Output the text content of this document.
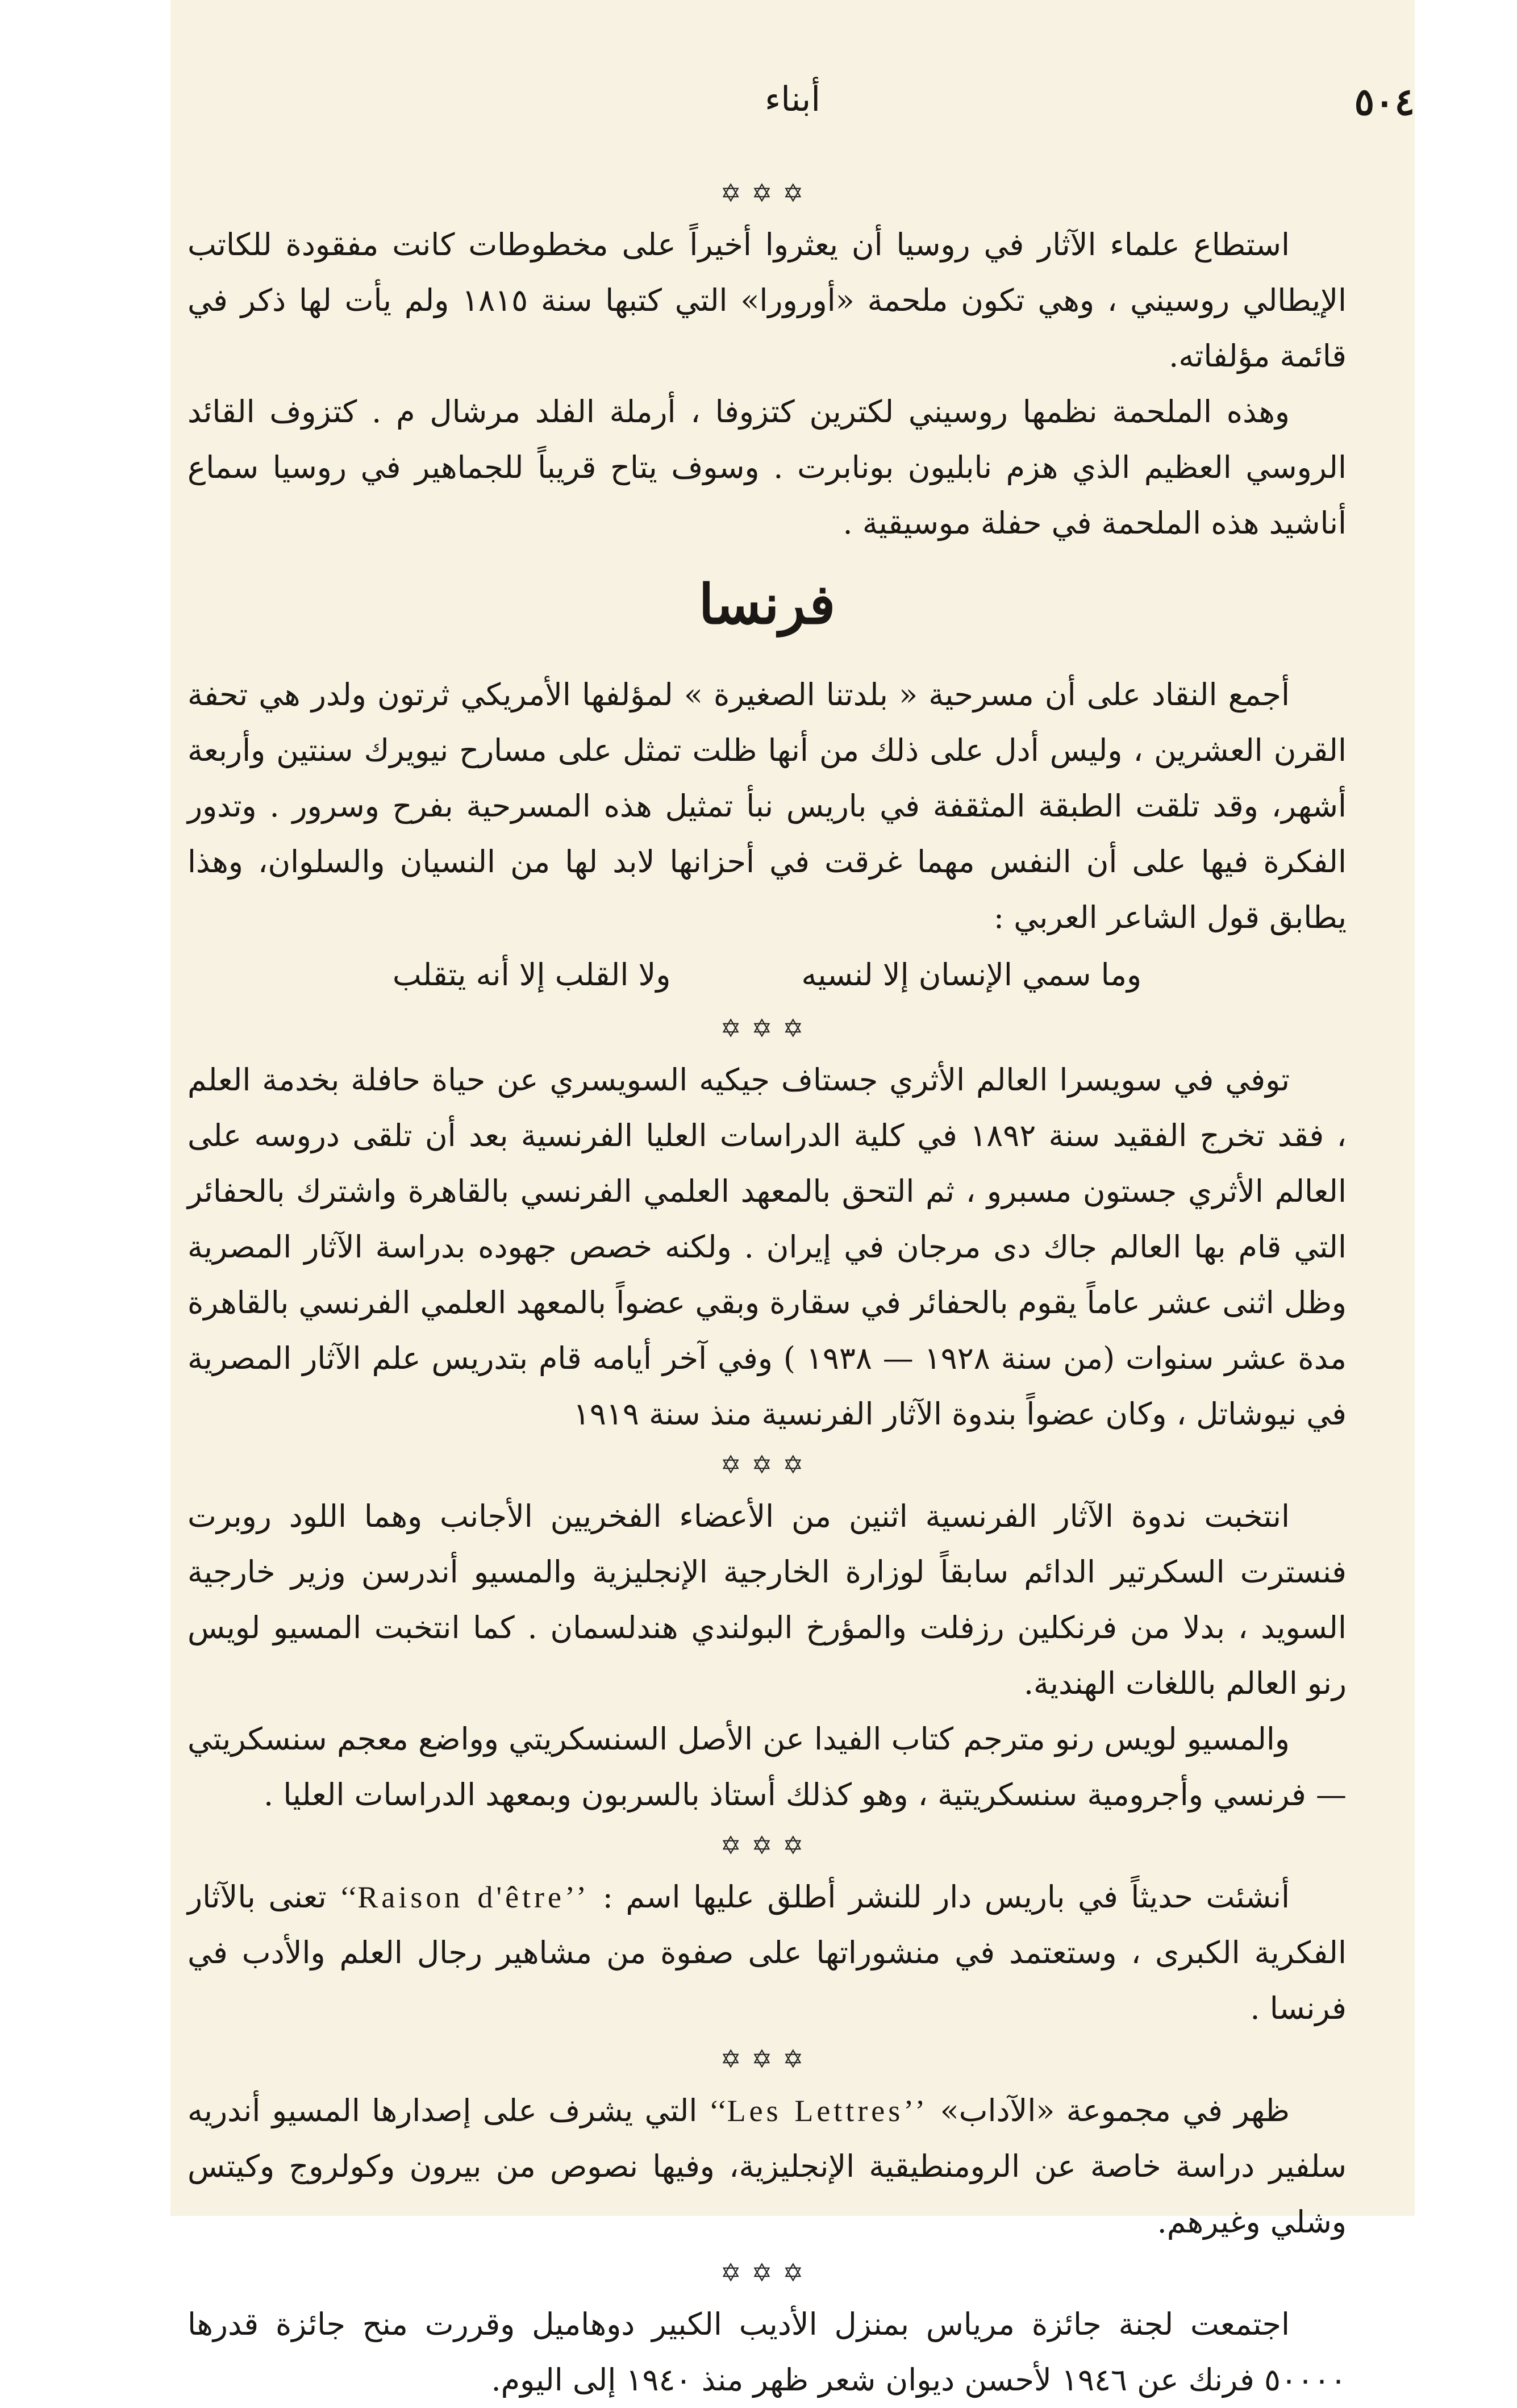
٥٠٤
أبناء
✡✡✡

استطاع علماء الآثار في روسيا أن يعثروا أخيراً على مخطوطات كانت مفقودة للكاتب الإيطالي روسيني ، وهي تكون ملحمة «أورورا» التي كتبها سنة ١٨١٥ ولم يأت لها ذكر في قائمة مؤلفاته.

وهذه الملحمة نظمها روسيني لكترين كتزوفا ، أرملة الفلد مرشال م . كتزوف القائد الروسي العظيم الذي هزم نابليون بونابرت . وسوف يتاح قريباً للجماهير في روسيا سماع أناشيد هذه الملحمة في حفلة موسيقية .

فرنسا

أجمع النقاد على أن مسرحية « بلدتنا الصغيرة » لمؤلفها الأمريكي ثرتون ولدر هي تحفة القرن العشرين ، وليس أدل على ذلك من أنها ظلت تمثل على مسارح نيويرك سنتين وأربعة أشهر، وقد تلقت الطبقة المثقفة في باريس نبأ تمثيل هذه المسرحية بفرح وسرور . وتدور الفكرة فيها على أن النفس مهما غرقت في أحزانها لابد لها من النسيان والسلوان، وهذا يطابق قول الشاعر العربي :

وما سمي الإنسان إلا لنسيه
ولا القلب إلا أنه يتقلب
✡✡✡

توفي في سويسرا العالم الأثري جستاف جيكيه السويسري عن حياة حافلة بخدمة العلم ، فقد تخرج الفقيد سنة ١٨٩٢ في كلية الدراسات العليا الفرنسية بعد أن تلقى دروسه على العالم الأثري جستون مسبرو ، ثم التحق بالمعهد العلمي الفرنسي بالقاهرة واشترك بالحفائر التي قام بها العالم جاك دى مرجان في إيران . ولكنه خصص جهوده بدراسة الآثار المصرية وظل اثنى عشر عاماً يقوم بالحفائر في سقارة وبقي عضواً بالمعهد العلمي الفرنسي بالقاهرة مدة عشر سنوات (من سنة ١٩٢٨ — ١٩٣٨ ) وفي آخر أيامه قام بتدريس علم الآثار المصرية في نيوشاتل ، وكان عضواً بندوة الآثار الفرنسية منذ سنة ١٩١٩

✡✡✡

انتخبت ندوة الآثار الفرنسية اثنين من الأعضاء الفخريين الأجانب وهما اللود روبرت فنسترت السكرتير الدائم سابقاً لوزارة الخارجية الإنجليزية والمسيو أندرسن وزير خارجية السويد ، بدلا من فرنكلين رزفلت والمؤرخ البولندي هندلسمان . كما انتخبت المسيو لويس رنو العالم باللغات الهندية.

والمسيو لويس رنو مترجم كتاب الفيدا عن الأصل السنسكريتي وواضع معجم سنسكريتي — فرنسي وأجرومية سنسكريتية ، وهو كذلك أستاذ بالسربون وبمعهد الدراسات العليا .

✡✡✡

أنشئت حديثاً في باريس دار للنشر أطلق عليها اسم : ‘‘Raison d'être’’ تعنى بالآثار الفكرية الكبرى ، وستعتمد في منشوراتها على صفوة من مشاهير رجال العلم والأدب في فرنسا .

✡✡✡

ظهر في مجموعة «الآداب» ‘‘Les Lettres’’ التي يشرف على إصدارها المسيو أندريه سلفير دراسة خاصة عن الرومنطيقية الإنجليزية، وفيها نصوص من بيرون وكولروج وكيتس وشلي وغيرهم.

✡✡✡

اجتمعت لجنة جائزة مرياس بمنزل الأديب الكبير دوهاميل وقررت منح جائزة قدرها ٥٠٠٠٠ فرنك عن ١٩٤٦ لأحسن ديوان شعر ظهر منذ ١٩٤٠ إلى اليوم.
